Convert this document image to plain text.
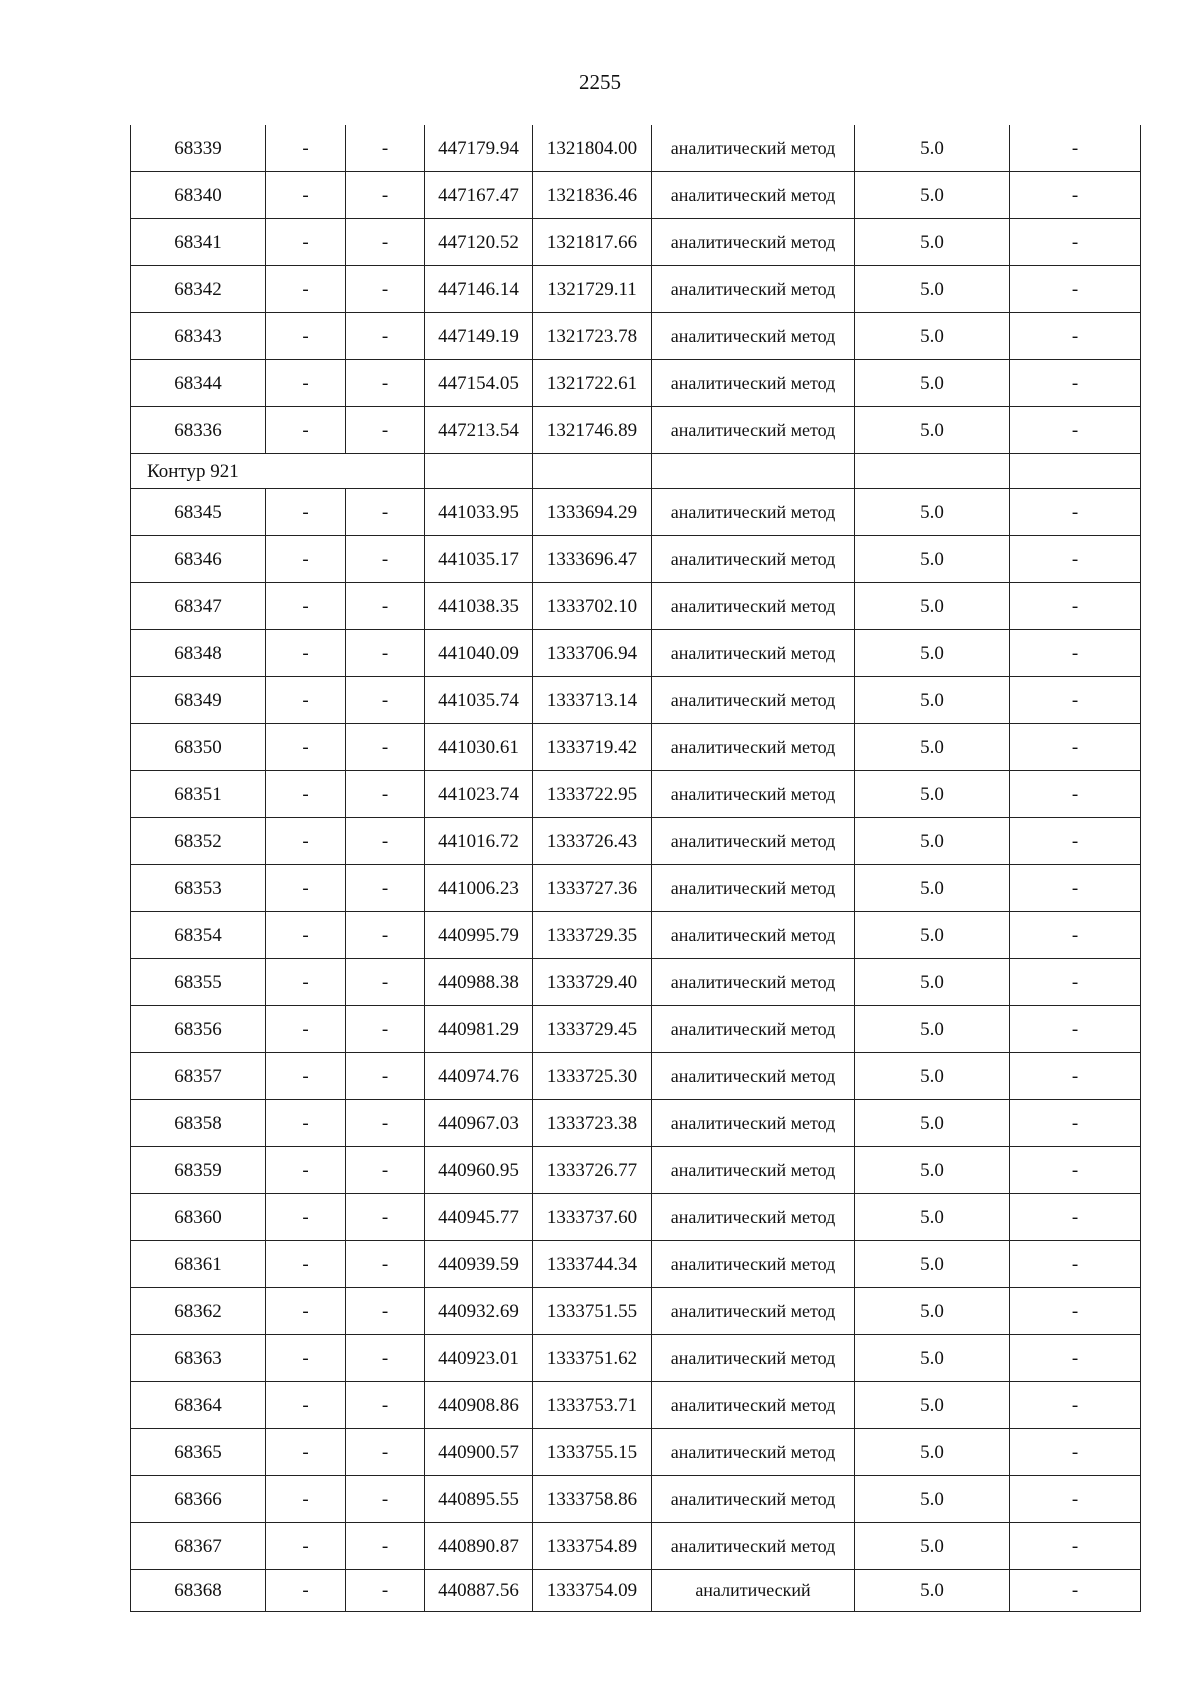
2255
68339	-	-	447179.94	1321804.00	аналитический метод	5.0	-
68340	-	-	447167.47	1321836.46	аналитический метод	5.0	-
68341	-	-	447120.52	1321817.66	аналитический метод	5.0	-
68342	-	-	447146.14	1321729.11	аналитический метод	5.0	-
68343	-	-	447149.19	1321723.78	аналитический метод	5.0	-
68344	-	-	447154.05	1321722.61	аналитический метод	5.0	-
68336	-	-	447213.54	1321746.89	аналитический метод	5.0	-
Контур 921							
68345	-	-	441033.95	1333694.29	аналитический метод	5.0	-
68346	-	-	441035.17	1333696.47	аналитический метод	5.0	-
68347	-	-	441038.35	1333702.10	аналитический метод	5.0	-
68348	-	-	441040.09	1333706.94	аналитический метод	5.0	-
68349	-	-	441035.74	1333713.14	аналитический метод	5.0	-
68350	-	-	441030.61	1333719.42	аналитический метод	5.0	-
68351	-	-	441023.74	1333722.95	аналитический метод	5.0	-
68352	-	-	441016.72	1333726.43	аналитический метод	5.0	-
68353	-	-	441006.23	1333727.36	аналитический метод	5.0	-
68354	-	-	440995.79	1333729.35	аналитический метод	5.0	-
68355	-	-	440988.38	1333729.40	аналитический метод	5.0	-
68356	-	-	440981.29	1333729.45	аналитический метод	5.0	-
68357	-	-	440974.76	1333725.30	аналитический метод	5.0	-
68358	-	-	440967.03	1333723.38	аналитический метод	5.0	-
68359	-	-	440960.95	1333726.77	аналитический метод	5.0	-
68360	-	-	440945.77	1333737.60	аналитический метод	5.0	-
68361	-	-	440939.59	1333744.34	аналитический метод	5.0	-
68362	-	-	440932.69	1333751.55	аналитический метод	5.0	-
68363	-	-	440923.01	1333751.62	аналитический метод	5.0	-
68364	-	-	440908.86	1333753.71	аналитический метод	5.0	-
68365	-	-	440900.57	1333755.15	аналитический метод	5.0	-
68366	-	-	440895.55	1333758.86	аналитический метод	5.0	-
68367	-	-	440890.87	1333754.89	аналитический метод	5.0	-
68368	-	-	440887.56	1333754.09	аналитический	5.0	-
